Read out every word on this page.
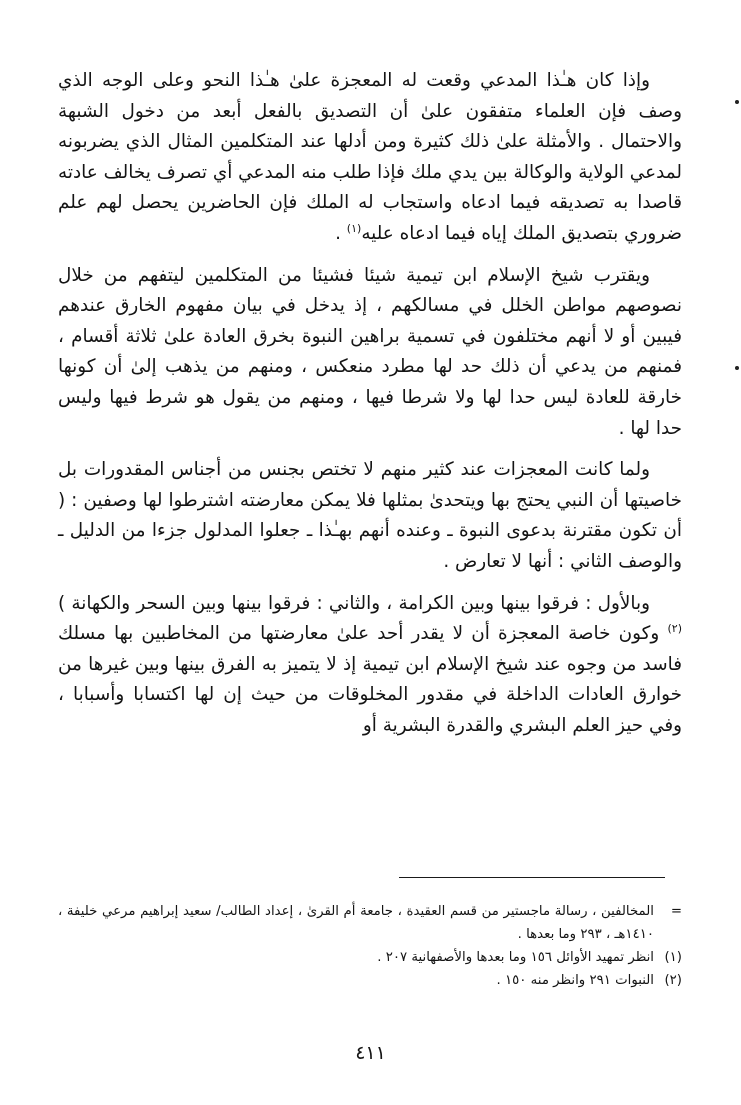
وإذا كان هـٰذا المدعي وقعت له المعجزة علىٰ هـٰذا النحو وعلى الوجه الذي وصف فإن العلماء متفقون علىٰ أن التصديق بالفعل أبعد من دخول الشبهة والاحتمال . والأمثلة علىٰ ذلك كثيرة ومن أدلها عند المتكلمين المثال الذي يضربونه لمدعي الولاية والوكالة بين يدي ملك فإذا طلب منه المدعي أي تصرف يخالف عادته قاصدا به تصديقه فيما ادعاه واستجاب له الملك فإن الحاضرين يحصل لهم علم ضروري بتصديق الملك إياه فيما ادعاه عليه$^{(١)}$ .

ويقترب شيخ الإسلام ابن تيمية شيئا فشيئا من المتكلمين ليتفهم من خلال نصوصهم مواطن الخلل في مسالكهم ، إذ يدخل في بيان مفهوم الخارق عندهم فيبين أو لا أنهم مختلفون في تسمية براهين النبوة بخرق العادة علىٰ ثلاثة أقسام ، فمنهم من يدعي أن ذلك حد لها مطرد منعكس ، ومنهم من يذهب إلىٰ أن كونها خارقة للعادة ليس حدا لها ولا شرطا فيها ، ومنهم من يقول هو شرط فيها وليس حدا لها .

ولما كانت المعجزات عند كثير منهم لا تختص بجنس من أجناس المقدورات بل خاصيتها أن النبي يحتج بها ويتحدىٰ بمثلها فلا يمكن معارضته اشترطوا لها وصفين : ( أن تكون مقترنة بدعوى النبوة ـ وعنده أنهم بهـٰذا ـ جعلوا المدلول جزءا من الدليل ـ والوصف الثاني : أنها لا تعارض .

وبالأول : فرقوا بينها وبين الكرامة ، والثاني : فرقوا بينها وبين السحر والكهانة )$^{(٢)}$ وكون خاصة المعجزة أن لا يقدر أحد علىٰ معارضتها من المخاطبين بها مسلك فاسد من وجوه عند شيخ الإسلام ابن تيمية إذ لا يتميز به الفرق بينها وبين غيرها من خوارق العادات الداخلة في مقدور المخلوقات من حيث إن لها اكتسابا وأسبابا ، وفي حيز العلم البشري والقدرة البشرية أو

=
المخالفين ، رسالة ماجستير من قسم العقيدة ، جامعة أم القرىٰ ، إعداد الطالب/ سعيد إبراهيم مرعي خليفة ، ١٤١٠هـ ، ٢٩٣ وما بعدها .
(١)
انظر تمهيد الأوائل ١٥٦ وما بعدها والأصفهانية ٢٠٧ .
(٢)
النبوات ٢٩١ وانظر منه ١٥٠ .
٤١١
